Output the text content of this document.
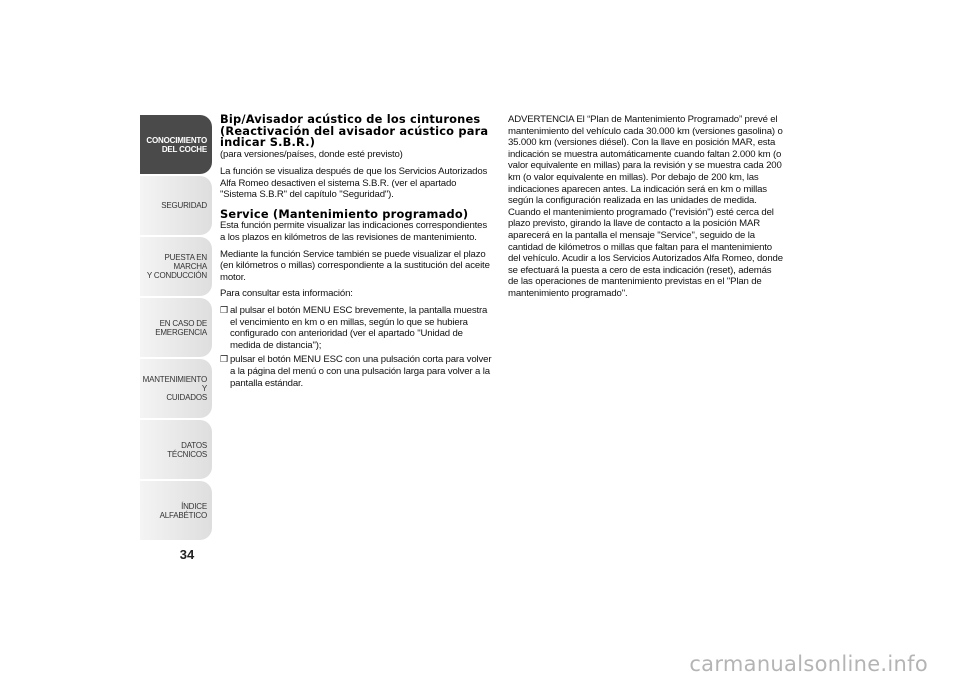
CONOCIMIENTO
DEL COCHE
SEGURIDAD
PUESTA EN MARCHA
Y CONDUCCIÓN
EN CASO DE
EMERGENCIA
MANTENIMIENTO Y
CUIDADOS
DATOS TÉCNICOS
ÍNDICE ALFABÉTICO
34
Bip/Avisador acústico de los cinturones (Reactivación del avisador acústico para indicar S.B.R.)

(para versiones/países, donde esté previsto)

La función se visualiza después de que los Servicios Autorizados Alfa Romeo desactiven el sistema S.B.R. (ver el apartado "Sistema S.B.R" del capítulo "Seguridad").

Service (Mantenimiento programado)

Esta función permite visualizar las indicaciones correspondientes a los plazos en kilómetros de las revisiones de mantenimiento.

Mediante la función Service también se puede visualizar el plazo (en kilómetros o millas) correspondiente a la sustitución del aceite motor.

Para consultar esta información:

❒ al pulsar el botón MENU ESC brevemente, la pantalla muestra el vencimiento en km o en millas, según lo que se hubiera configurado con anterioridad (ver el apartado "Unidad de medida de distancia");
❒ pulsar el botón MENU ESC con una pulsación corta para volver a la página del menú o con una pulsación larga para volver a la pantalla estándar.

ADVERTENCIA El “Plan de Mantenimiento Programado” prevé el mantenimiento del vehículo cada 30.000 km (versiones gasolina) o 35.000 km (versiones diésel). Con la llave en posición MAR, esta indicación se muestra automáticamente cuando faltan 2.000 km (o valor equivalente en millas) para la revisión y se muestra cada 200 km (o valor equivalente en millas). Por debajo de 200 km, las indicaciones aparecen antes. La indicación será en km o millas según la configuración realizada en las unidades de medida. Cuando el mantenimiento programado ("revisión") esté cerca del plazo previsto, girando la llave de contacto a la posición MAR aparecerá en la pantalla el mensaje "Service", seguido de la cantidad de kilómetros o millas que faltan para el mantenimiento del vehículo. Acudir a los Servicios Autorizados Alfa Romeo, donde se efectuará la puesta a cero de esta indicación (reset), además de las operaciones de mantenimiento previstas en el "Plan de mantenimiento programado".

carmanualsonline.info
